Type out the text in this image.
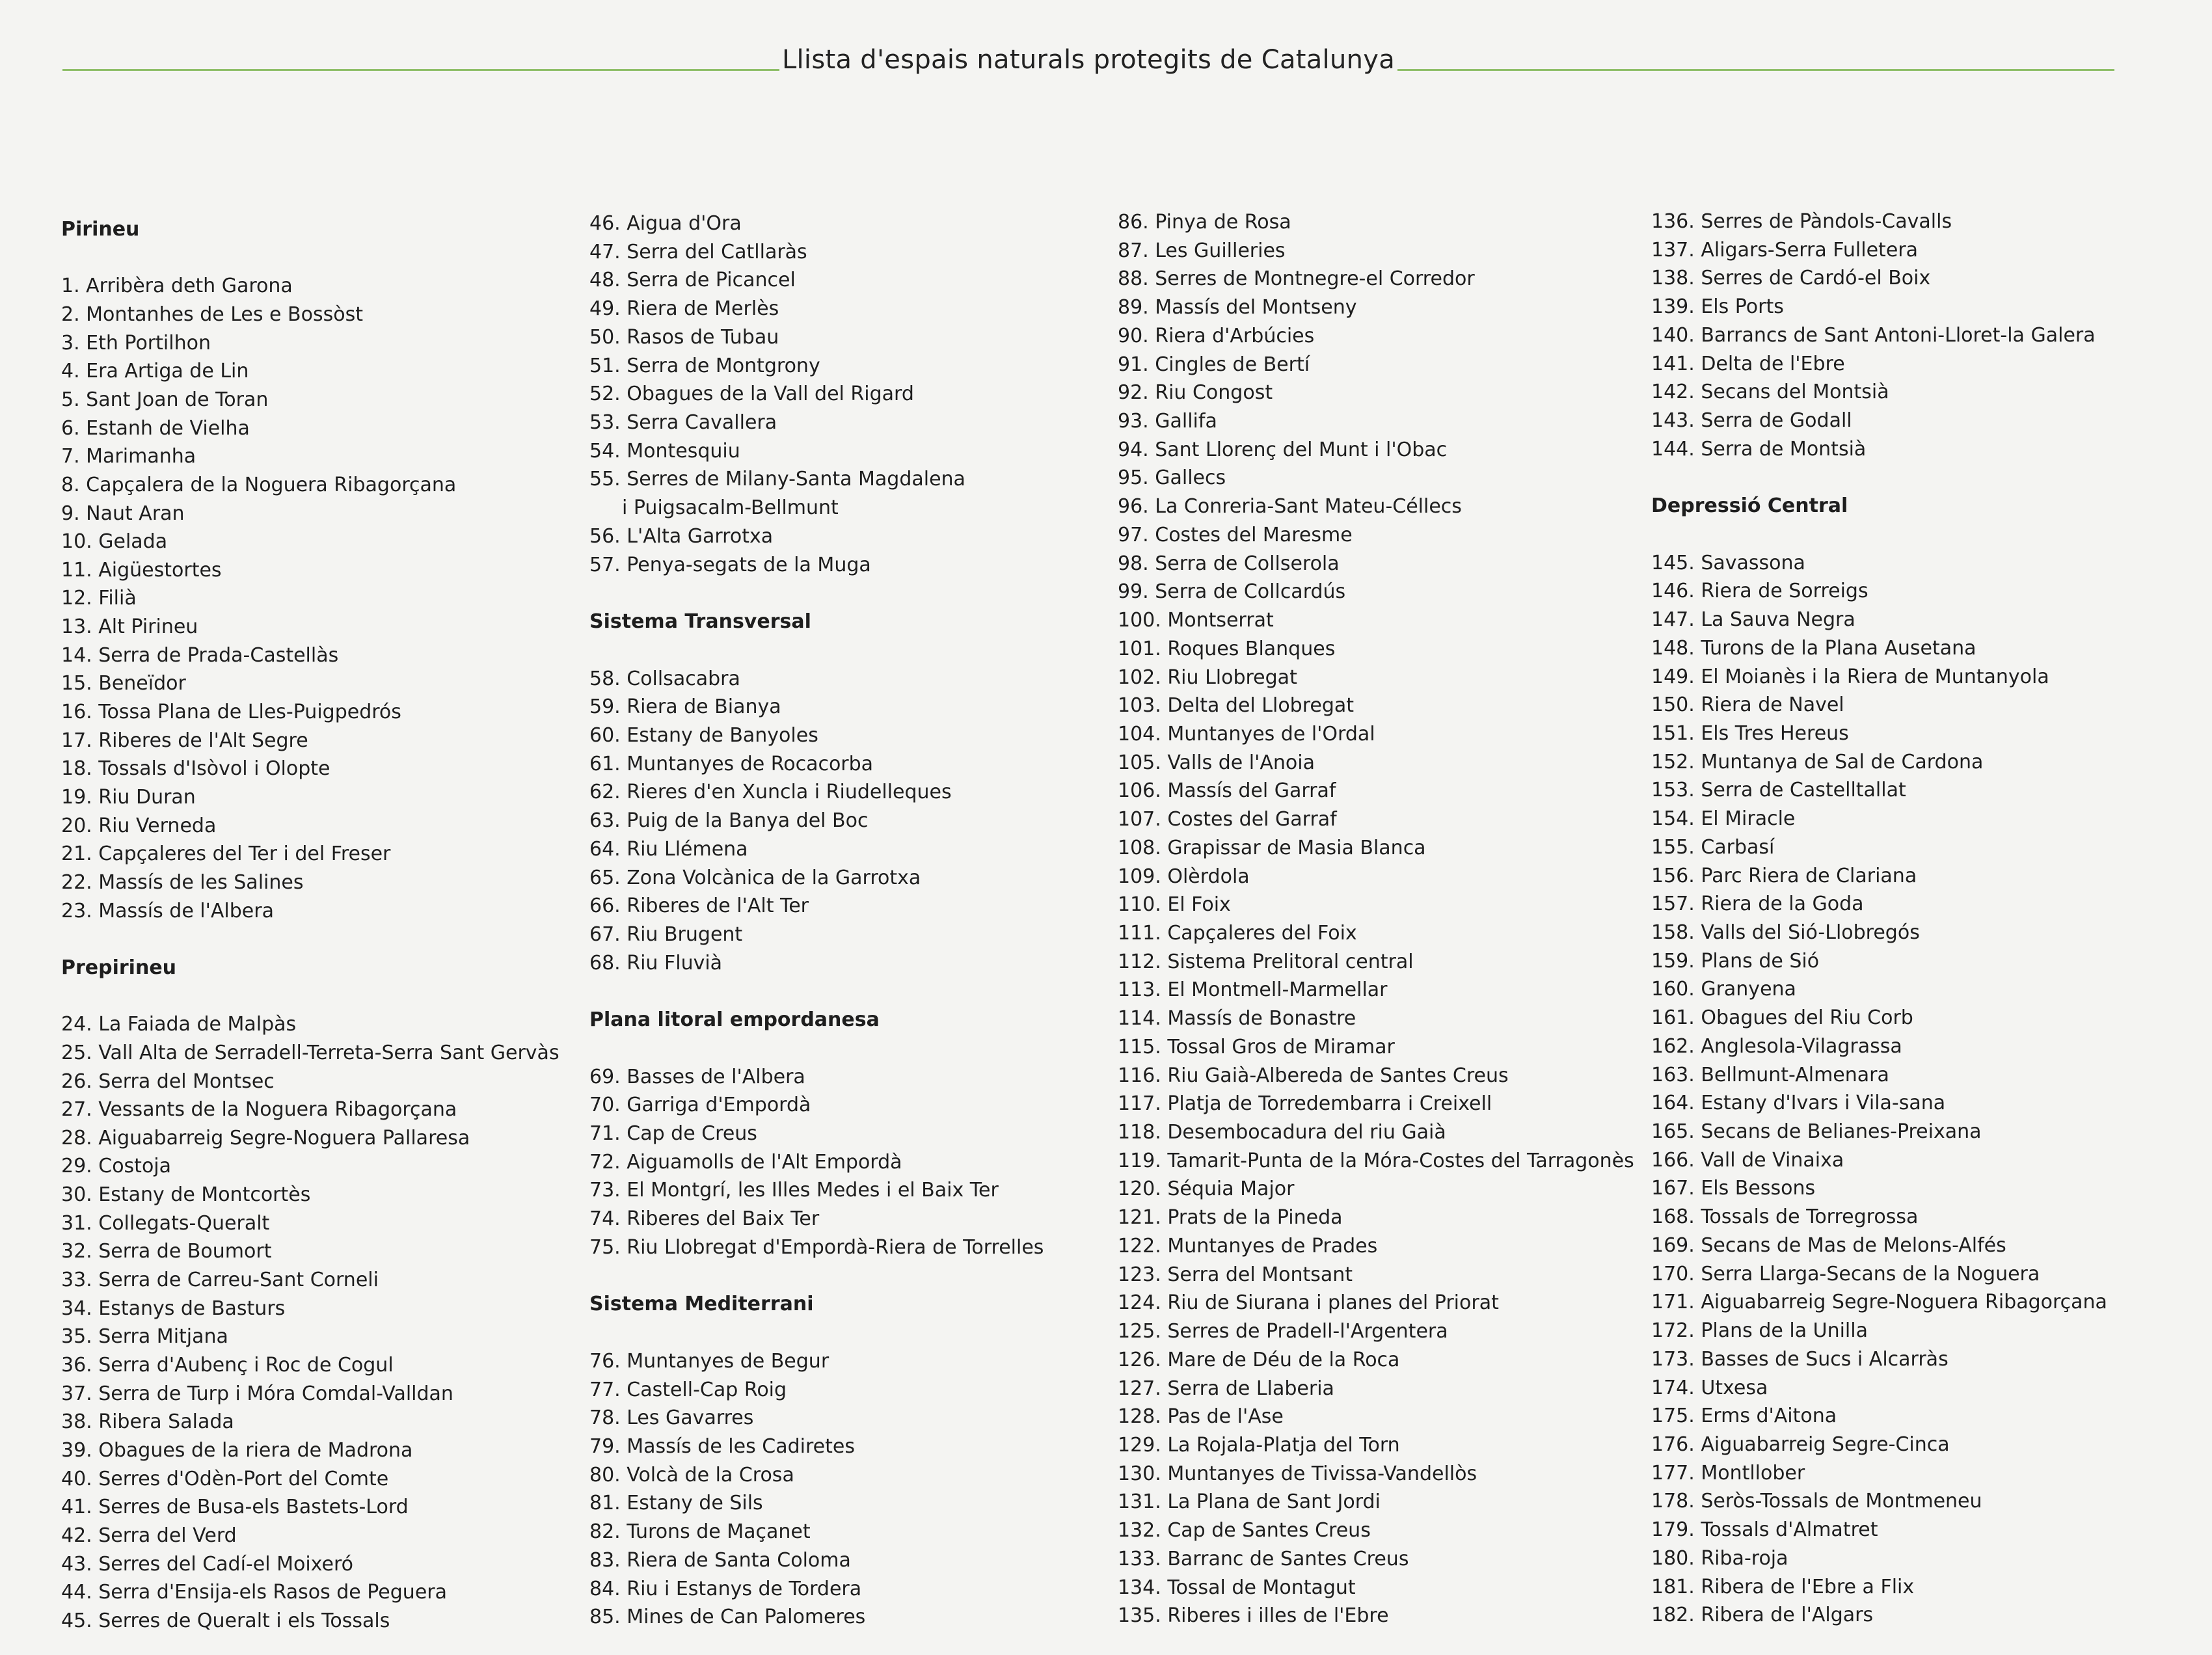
Llista d'espais naturals protegits de Catalunya
Pirineu
1. Arribèra deth Garona
2. Montanhes de Les e Bossòst
3. Eth Portilhon
4. Era Artiga de Lin
5. Sant Joan de Toran
6. Estanh de Vielha
7. Marimanha
8. Capçalera de la Noguera Ribagorçana
9. Naut Aran
10. Gelada
11. Aigüestortes
12. Filià
13. Alt Pirineu
14. Serra de Prada-Castellàs
15. Beneïdor
16. Tossa Plana de Lles-Puigpedrós
17. Riberes de l'Alt Segre
18. Tossals d'Isòvol i Olopte
19. Riu Duran
20. Riu Verneda
21. Capçaleres del Ter i del Freser
22. Massís de les Salines
23. Massís de l'Albera
Prepirineu
24. La Faiada de Malpàs
25. Vall Alta de Serradell-Terreta-Serra Sant Gervàs
26. Serra del Montsec
27. Vessants de la Noguera Ribagorçana
28. Aiguabarreig Segre-Noguera Pallaresa
29. Costoja
30. Estany de Montcortès
31. Collegats-Queralt
32. Serra de Boumort
33. Serra de Carreu-Sant Corneli
34. Estanys de Basturs
35. Serra Mitjana
36. Serra d'Aubenç i Roc de Cogul
37. Serra de Turp i Móra Comdal-Valldan
38. Ribera Salada
39. Obagues de la riera de Madrona
40. Serres d'Odèn-Port del Comte
41. Serres de Busa-els Bastets-Lord
42. Serra del Verd
43. Serres del Cadí-el Moixeró
44. Serra d'Ensija-els Rasos de Peguera
45. Serres de Queralt i els Tossals
46. Aigua d'Ora
47. Serra del Catllaràs
48. Serra de Picancel
49. Riera de Merlès
50. Rasos de Tubau
51. Serra de Montgrony
52. Obagues de la Vall del Rigard
53. Serra Cavallera
54. Montesquiu
55. Serres de Milany-Santa Magdalena
i Puigsacalm-Bellmunt
56. L'Alta Garrotxa
57. Penya-segats de la Muga
Sistema Transversal
58. Collsacabra
59. Riera de Bianya
60. Estany de Banyoles
61. Muntanyes de Rocacorba
62. Rieres d'en Xuncla i Riudelleques
63. Puig de la Banya del Boc
64. Riu Llémena
65. Zona Volcànica de la Garrotxa
66. Riberes de l'Alt Ter
67. Riu Brugent
68. Riu Fluvià
Plana litoral empordanesa
69. Basses de l'Albera
70. Garriga d'Empordà
71. Cap de Creus
72. Aiguamolls de l'Alt Empordà
73. El Montgrí, les Illes Medes i el Baix Ter
74. Riberes del Baix Ter
75. Riu Llobregat d'Empordà-Riera de Torrelles
Sistema Mediterrani
76. Muntanyes de Begur
77. Castell-Cap Roig
78. Les Gavarres
79. Massís de les Cadiretes
80. Volcà de la Crosa
81. Estany de Sils
82. Turons de Maçanet
83. Riera de Santa Coloma
84. Riu i Estanys de Tordera
85. Mines de Can Palomeres
86. Pinya de Rosa
87. Les Guilleries
88. Serres de Montnegre-el Corredor
89. Massís del Montseny
90. Riera d'Arbúcies
91. Cingles de Bertí
92. Riu Congost
93. Gallifa
94. Sant Llorenç del Munt i l'Obac
95. Gallecs
96. La Conreria-Sant Mateu-Céllecs
97. Costes del Maresme
98. Serra de Collserola
99. Serra de Collcardús
100. Montserrat
101. Roques Blanques
102. Riu Llobregat
103. Delta del Llobregat
104. Muntanyes de l'Ordal
105. Valls de l'Anoia
106. Massís del Garraf
107. Costes del Garraf
108. Grapissar de Masia Blanca
109. Olèrdola
110. El Foix
111. Capçaleres del Foix
112. Sistema Prelitoral central
113. El Montmell-Marmellar
114. Massís de Bonastre
115. Tossal Gros de Miramar
116. Riu Gaià-Albereda de Santes Creus
117. Platja de Torredembarra i Creixell
118. Desembocadura del riu Gaià
119. Tamarit-Punta de la Móra-Costes del Tarragonès
120. Séquia Major
121. Prats de la Pineda
122. Muntanyes de Prades
123. Serra del Montsant
124. Riu de Siurana i planes del Priorat
125. Serres de Pradell-l'Argentera
126. Mare de Déu de la Roca
127. Serra de Llaberia
128. Pas de l'Ase
129. La Rojala-Platja del Torn
130. Muntanyes de Tivissa-Vandellòs
131. La Plana de Sant Jordi
132. Cap de Santes Creus
133. Barranc de Santes Creus
134. Tossal de Montagut
135. Riberes i illes de l'Ebre
136. Serres de Pàndols-Cavalls
137. Aligars-Serra Fulletera
138. Serres de Cardó-el Boix
139. Els Ports
140. Barrancs de Sant Antoni-Lloret-la Galera
141. Delta de l'Ebre
142. Secans del Montsià
143. Serra de Godall
144. Serra de Montsià
Depressió Central
145. Savassona
146. Riera de Sorreigs
147. La Sauva Negra
148. Turons de la Plana Ausetana
149. El Moianès i la Riera de Muntanyola
150. Riera de Navel
151. Els Tres Hereus
152. Muntanya de Sal de Cardona
153. Serra de Castelltallat
154. El Miracle
155. Carbasí
156. Parc Riera de Clariana
157. Riera de la Goda
158. Valls del Sió-Llobregós
159. Plans de Sió
160. Granyena
161. Obagues del Riu Corb
162. Anglesola-Vilagrassa
163. Bellmunt-Almenara
164. Estany d'Ivars i Vila-sana
165. Secans de Belianes-Preixana
166. Vall de Vinaixa
167. Els Bessons
168. Tossals de Torregrossa
169. Secans de Mas de Melons-Alfés
170. Serra Llarga-Secans de la Noguera
171. Aiguabarreig Segre-Noguera Ribagorçana
172. Plans de la Unilla
173. Basses de Sucs i Alcarràs
174. Utxesa
175. Erms d'Aitona
176. Aiguabarreig Segre-Cinca
177. Montllober
178. Seròs-Tossals de Montmeneu
179. Tossals d'Almatret
180. Riba-roja
181. Ribera de l'Ebre a Flix
182. Ribera de l'Algars
